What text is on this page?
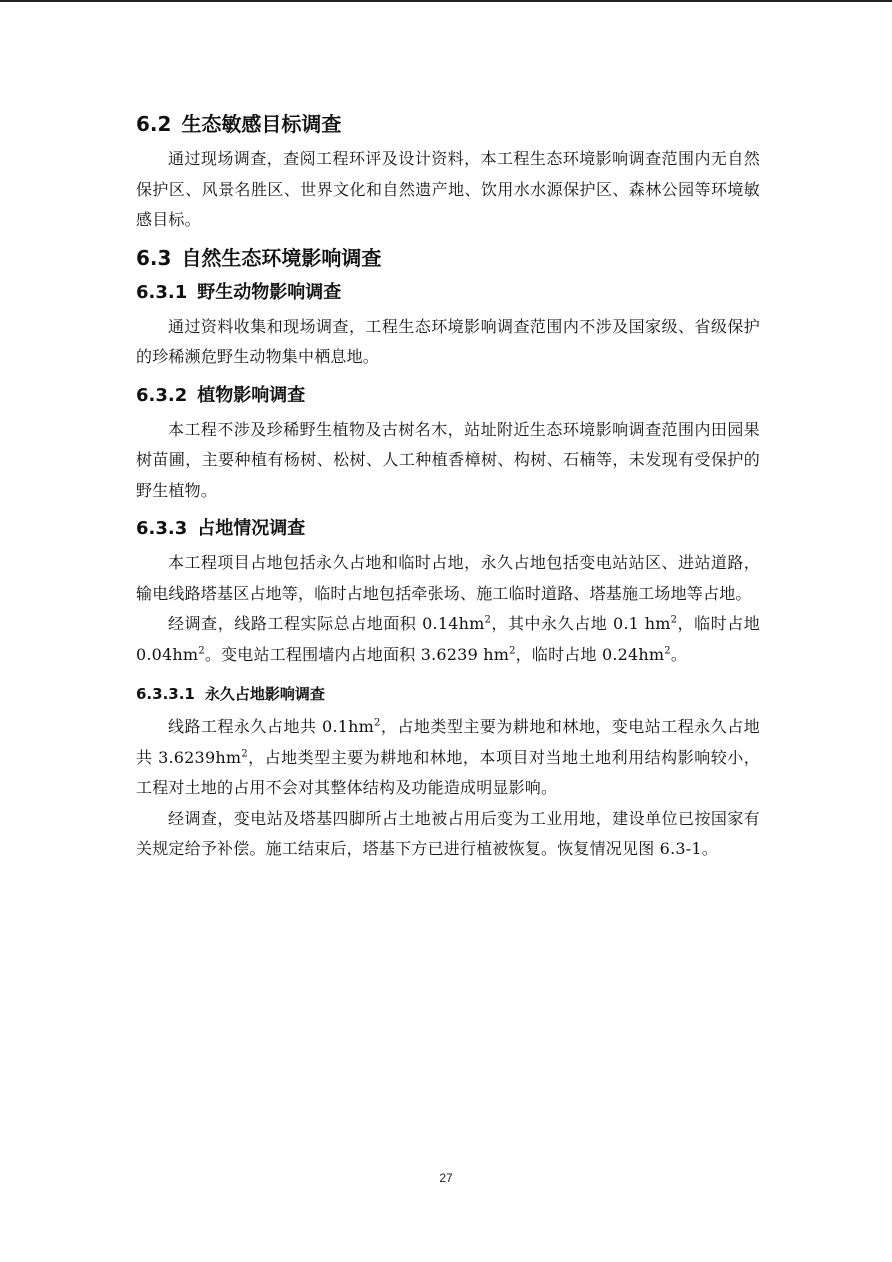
6.2 生态敏感目标调查

通过现场调查，查阅工程环评及设计资料，本工程生态环境影响调查范围内无自然保护区、风景名胜区、世界文化和自然遗产地、饮用水水源保护区、森林公园等环境敏感目标。

6.3 自然生态环境影响调查
6.3.1 野生动物影响调查

通过资料收集和现场调查，工程生态环境影响调查范围内不涉及国家级、省级保护的珍稀濒危野生动物集中栖息地。

6.3.2 植物影响调查

本工程不涉及珍稀野生植物及古树名木，站址附近生态环境影响调查范围内田园果树苗圃，主要种植有杨树、松树、人工种植香樟树、构树、石楠等，未发现有受保护的野生植物。

6.3.3 占地情况调查

本工程项目占地包括永久占地和临时占地，永久占地包括变电站站区、进站道路，输电线路塔基区占地等，临时占地包括牵张场、施工临时道路、塔基施工场地等占地。

经调查，线路工程实际总占地面积 $0.14hm^2$，其中永久占地 0.1 $hm^2$，临时占地 $0.04hm^2$。变电站工程围墙内占地面积 3.6239 $hm^2$，临时占地 $0.24hm^2$。

6.3.3.1 永久占地影响调查

线路工程永久占地共 $0.1hm^2$，占地类型主要为耕地和林地，变电站工程永久占地共 $3.6239hm^2$，占地类型主要为耕地和林地，本项目对当地土地利用结构影响较小，工程对土地的占用不会对其整体结构及功能造成明显影响。

经调查，变电站及塔基四脚所占土地被占用后变为工业用地，建设单位已按国家有关规定给予补偿。施工结束后，塔基下方已进行植被恢复。恢复情况见图 6.3-1。

27
